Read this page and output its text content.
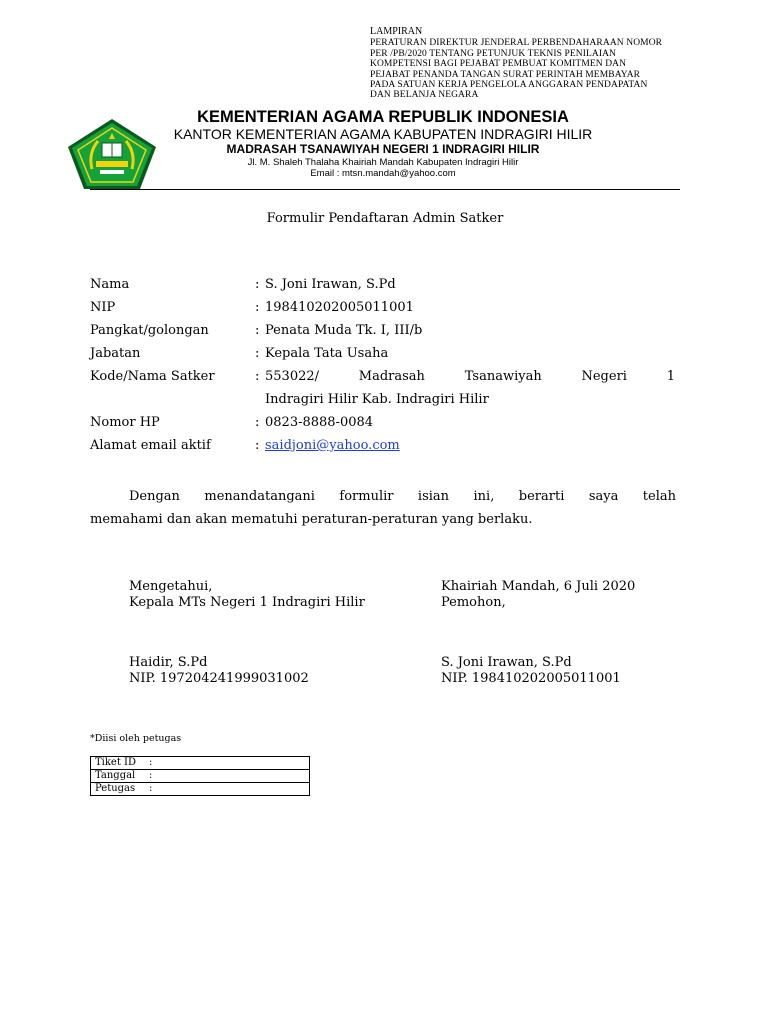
LAMPIRAN
PERATURAN DIREKTUR JENDERAL PERBENDAHARAAN NOMOR
PER /PB/2020 TENTANG PETUNJUK TEKNIS PENILAIAN
KOMPETENSI BAGI PEJABAT PEMBUAT KOMITMEN DAN
PEJABAT PENANDA TANGAN SURAT PERINTAH MEMBAYAR
PADA SATUAN KERJA PENGELOLA ANGGARAN PENDAPATAN
DAN BELANJA NEGARA
KEMENTERIAN AGAMA REPUBLIK INDONESIA
KANTOR KEMENTERIAN AGAMA KABUPATEN INDRAGIRI HILIR
MADRASAH TSANAWIYAH NEGERI 1 INDRAGIRI HILIR
Jl. M. Shaleh Thalaha Khairiah Mandah Kabupaten Indragiri Hilir
Email : mtsn.mandah@yahoo.com
Formulir Pendaftaran Admin Satker
Nama	: S. Joni Irawan, S.Pd
NIP	: 198410202005011001
Pangkat/golongan	: Penata Muda Tk. I, III/b
Jabatan	: Kepala Tata Usaha
Kode/Nama Satker	: 553022/ Madrasah Tsanawiyah Negeri 1
Indragiri Hilir Kab. Indragiri Hilir
Nomor HP	: 0823-8888-0084
Alamat email aktif	: saidjoni@yahoo.com
Dengan menandatangani formulir isian ini, berarti saya telah
memahami dan akan mematuhi peraturan-peraturan yang berlaku.
Mengetahui,
Kepala MTs Negeri 1 Indragiri Hilir
Khairiah Mandah, 6 Juli 2020
Pemohon,
Haidir, S.Pd
NIP. 197204241999031002
S. Joni Irawan, S.Pd
NIP. 198410202005011001
*Diisi oleh petugas
Tiket ID :
Tanggal :
Petugas :
